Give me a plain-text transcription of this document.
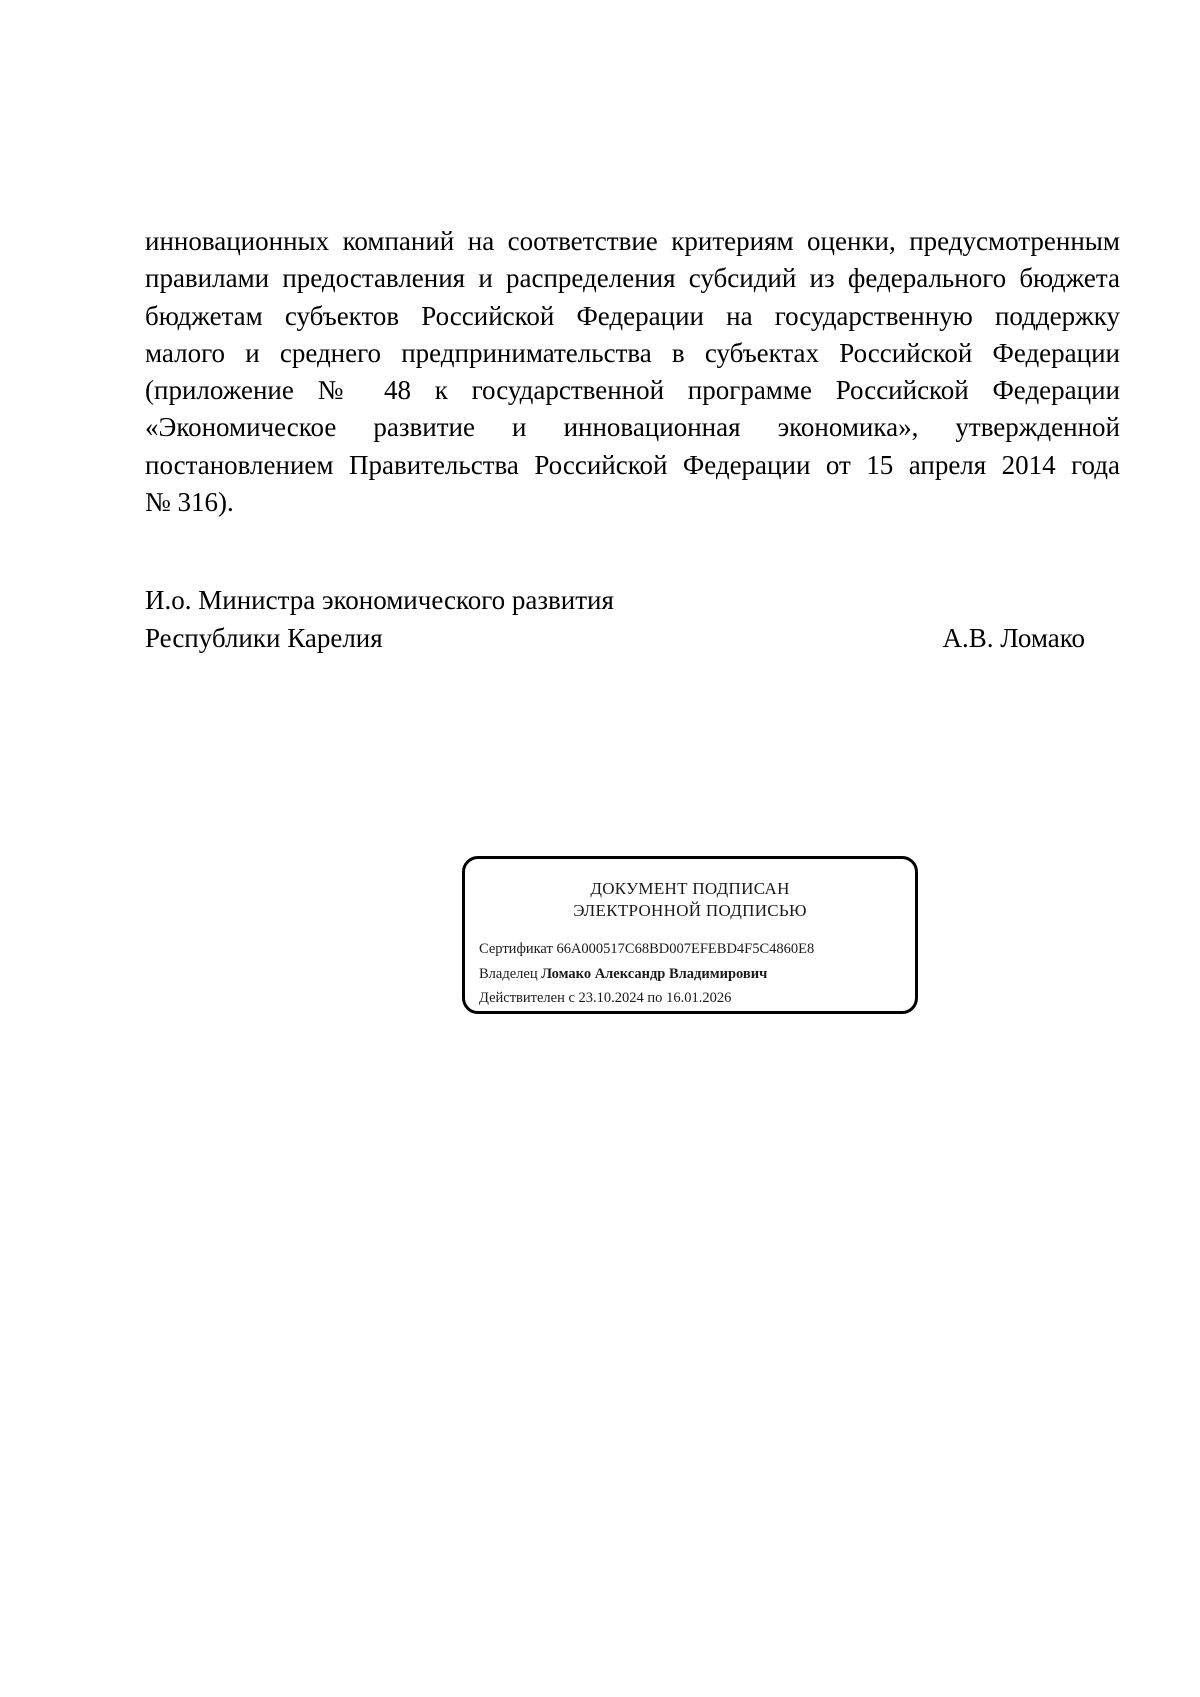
инновационных компаний на соответствие критериям оценки, предусмотренным
правилами предоставления и распределения субсидий из федерального бюджета
бюджетам субъектов Российской Федерации на государственную поддержку
малого и среднего предпринимательства в субъектах Российской Федерации
(приложение № 48 к государственной программе Российской Федерации
«Экономическое развитие и инновационная экономика», утвержденной
постановлением Правительства Российской Федерации от 15 апреля 2014 года
№ 316).
И.о. Министра экономического развития
Республики Карелия	А.В. Ломако
ДОКУМЕНТ ПОДПИСАН
ЭЛЕКТРОННОЙ ПОДПИСЬЮ
Сертификат 66A000517C68BD007EFEBD4F5C4860E8
Владелец Ломако Александр Владимирович
Действителен с 23.10.2024 по 16.01.2026
